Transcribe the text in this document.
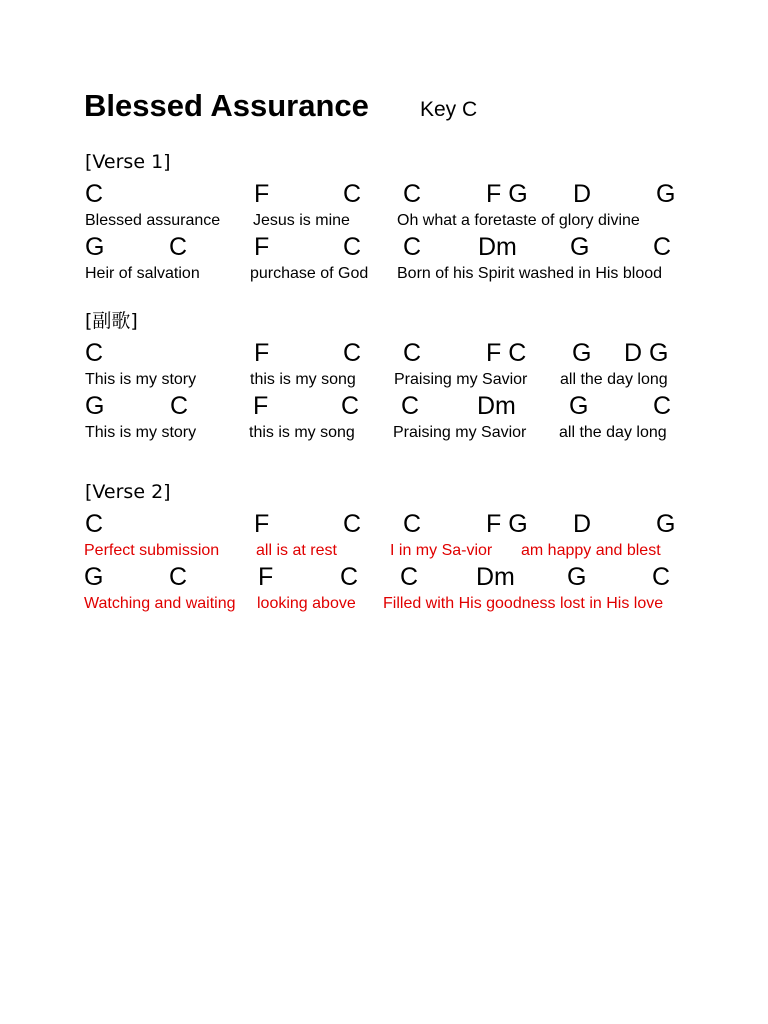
Blessed Assurance Key C
[Verse 1]
C	F	C C	F G D	G
Blessed assurance Jesus is mine	Oh what a foretaste of glory divine
G	C	F	C C Dm G	C
Heir of salvation	purchase of God Born of his Spirit washed in His blood
[副歌]
C	F	C C	F C G D G
This is my story	this is my song Praising my Savior all the day long
G	C	F	C C Dm G	C
This is my story	this is my song Praising my Savior all the day long
[Verse 2]
C	F	C C	F G D	G
Perfect submission all is at rest	I in my Sa-vior am happy and blest
G	C	F	C C Dm G	C
Watching and waiting looking above Filled with His goodness lost in His love
